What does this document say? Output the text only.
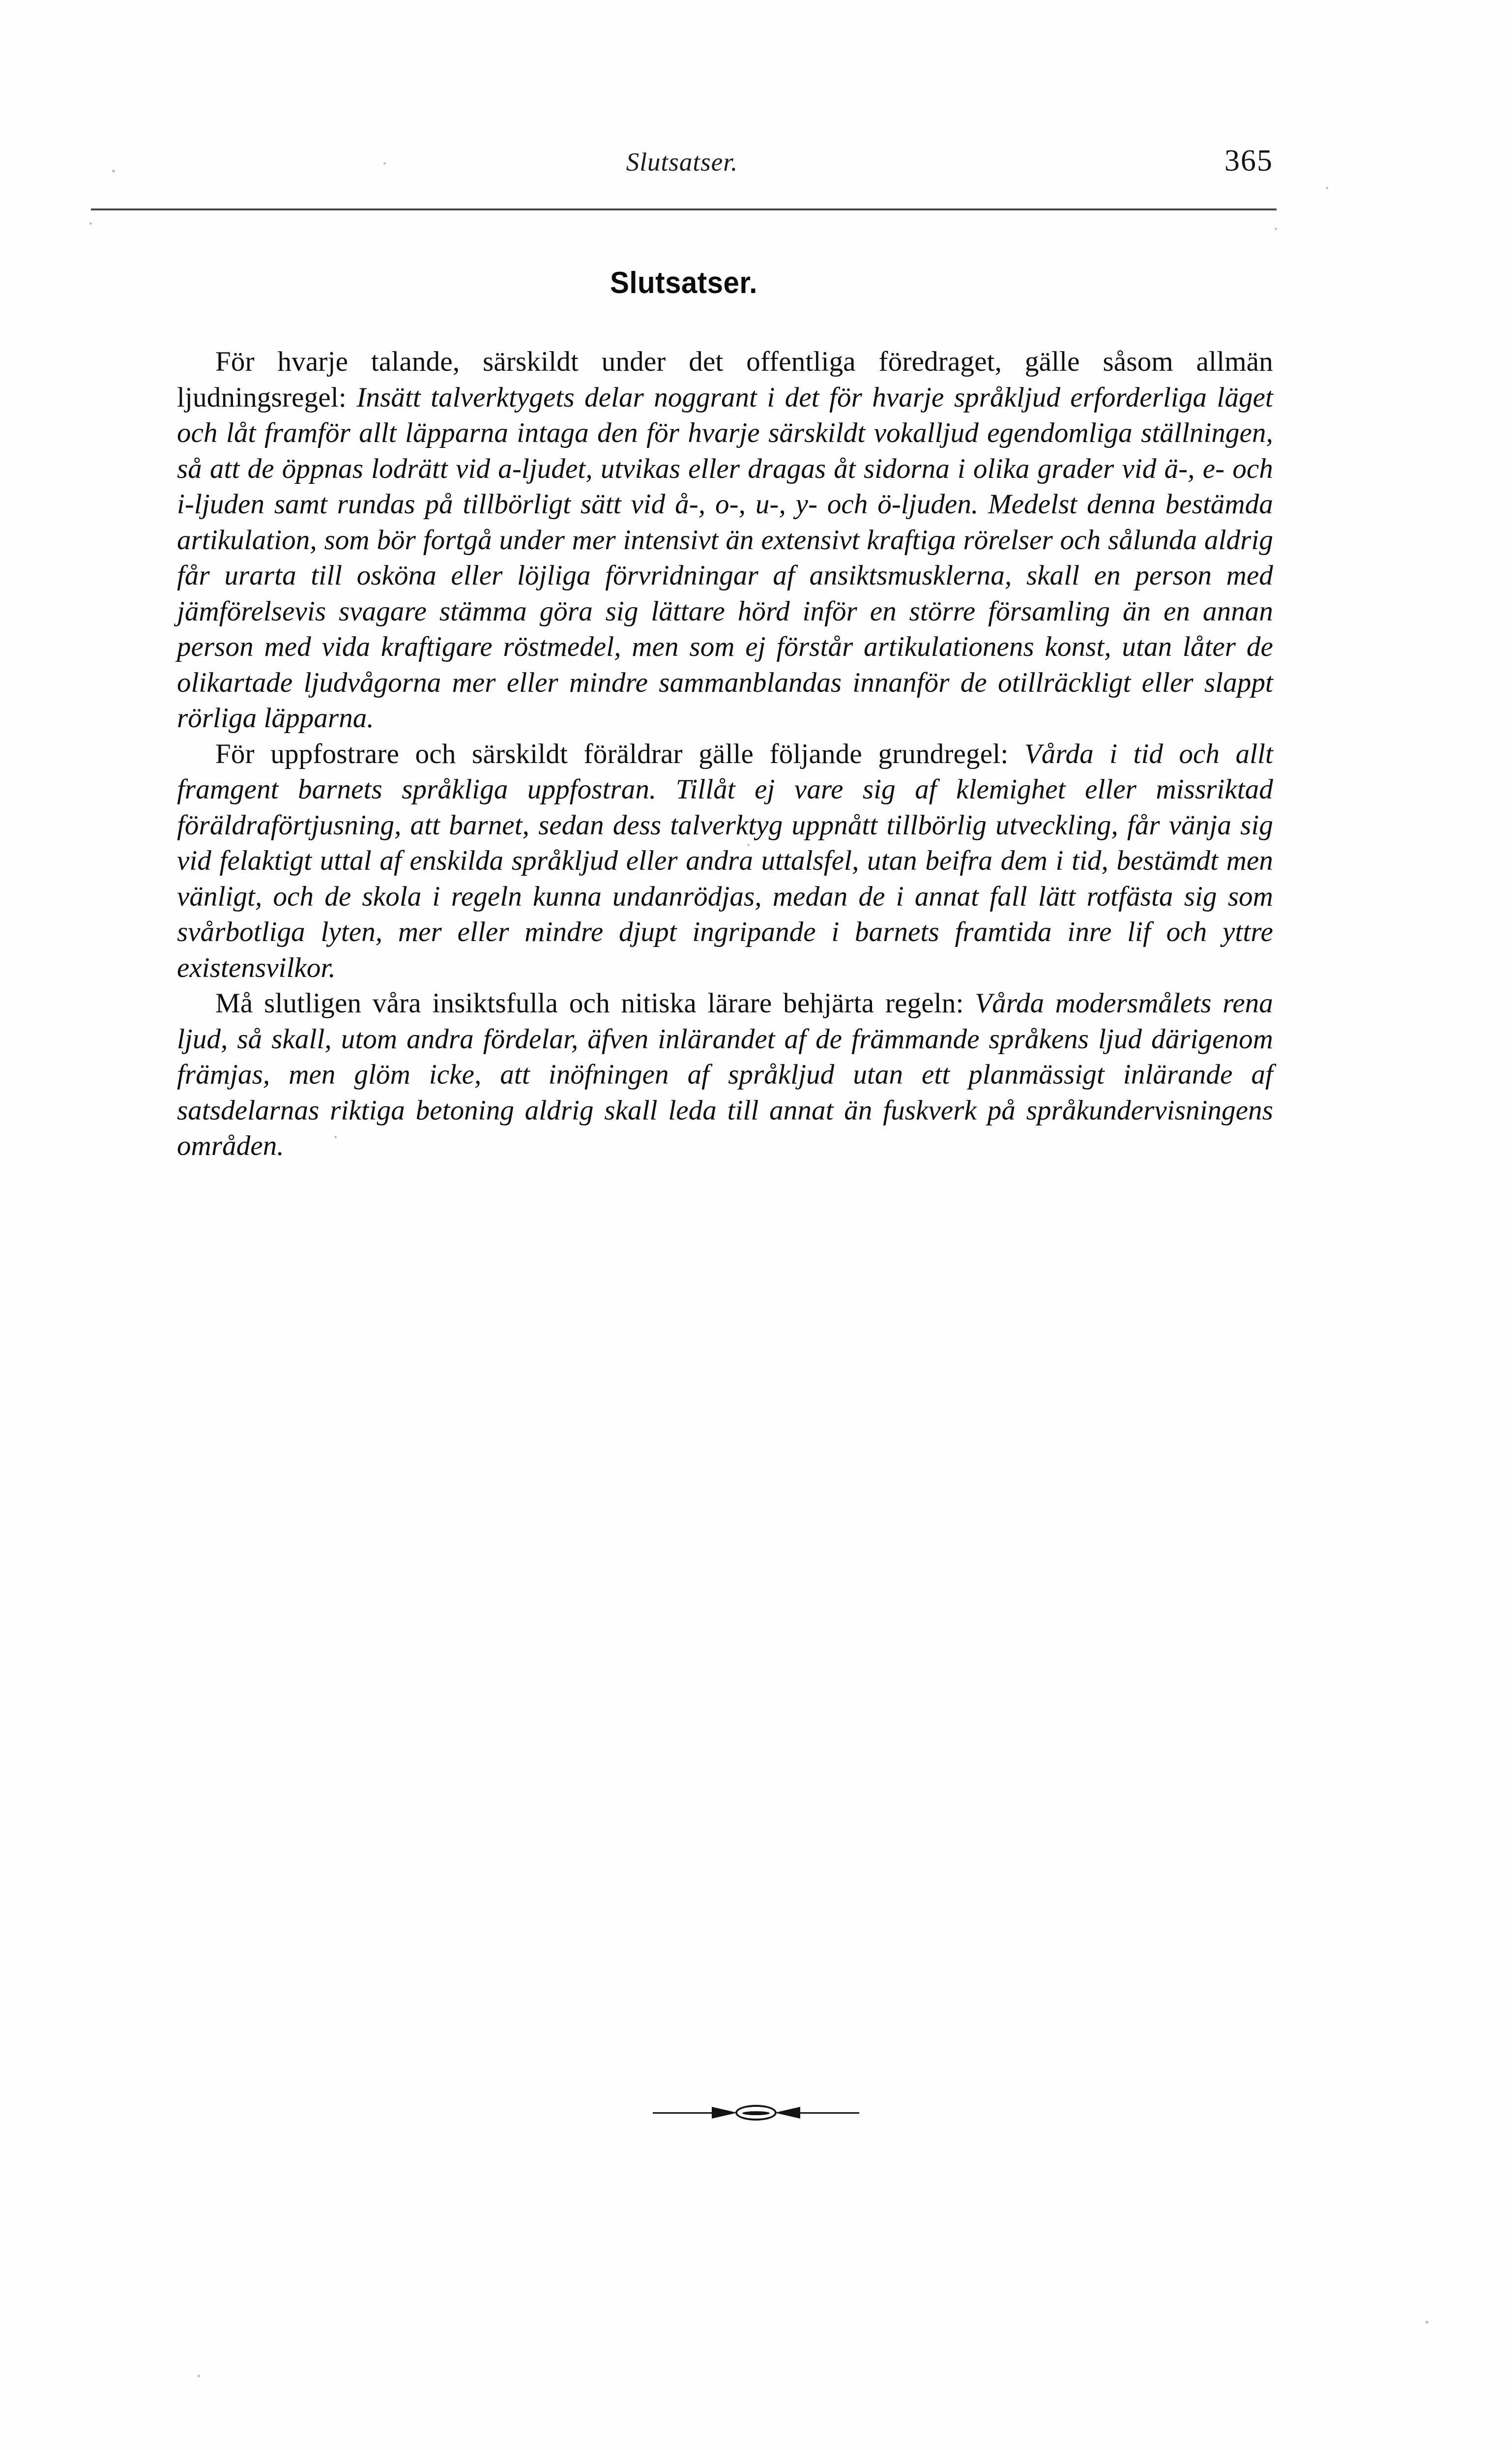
Slutsatser.	365
Slutsatser.

För hvarje talande, särskildt under det offentliga föredraget, gälle såsom allmän ljudningsregel: Insätt talverktygets delar noggrant i det för hvarje språkljud erforderliga läget och låt framför allt läpparna intaga den för hvarje särskildt vokalljud egendomliga ställningen, så att de öppnas lodrätt vid a-ljudet, utvikas eller dragas åt sidorna i olika grader vid ä-, e- och i-ljuden samt rundas på tillbörligt sätt vid å-, o-, u-, y- och ö-ljuden. Medelst denna bestämda artikulation, som bör fortgå under mer intensivt än extensivt kraftiga rörelser och sålunda aldrig får urarta till osköna eller löjliga förvridningar af ansiktsmusklerna, skall en person med jämförelsevis svagare stämma göra sig lättare hörd inför en större församling än en annan person med vida kraftigare röstmedel, men som ej förstår artikulationens konst, utan låter de olikartade ljudvågorna mer eller mindre sammanblandas innanför de otillräckligt eller slappt rörliga läpparna.

För uppfostrare och särskildt föräldrar gälle följande grundregel: Vårda i tid och allt framgent barnets språkliga uppfostran. Tillåt ej vare sig af klemighet eller missriktad föräldraförtjusning, att barnet, sedan dess talverktyg uppnått tillbörlig utveckling, får vänja sig vid felaktigt uttal af enskilda språkljud eller andra uttalsfel, utan beifra dem i tid, bestämdt men vänligt, och de skola i regeln kunna undanrödjas, medan de i annat fall lätt rotfästa sig som svårbotliga lyten, mer eller mindre djupt ingripande i barnets framtida inre lif och yttre existensvilkor.

Må slutligen våra insiktsfulla och nitiska lärare behjärta regeln: Vårda modersmålets rena ljud, så skall, utom andra fördelar, äfven inlärandet af de främmande språkens ljud därigenom främjas, men glöm icke, att inöfningen af språkljud utan ett planmässigt inlärande af satsdelarnas riktiga betoning aldrig skall leda till annat än fuskverk på språkundervisningens områden.
